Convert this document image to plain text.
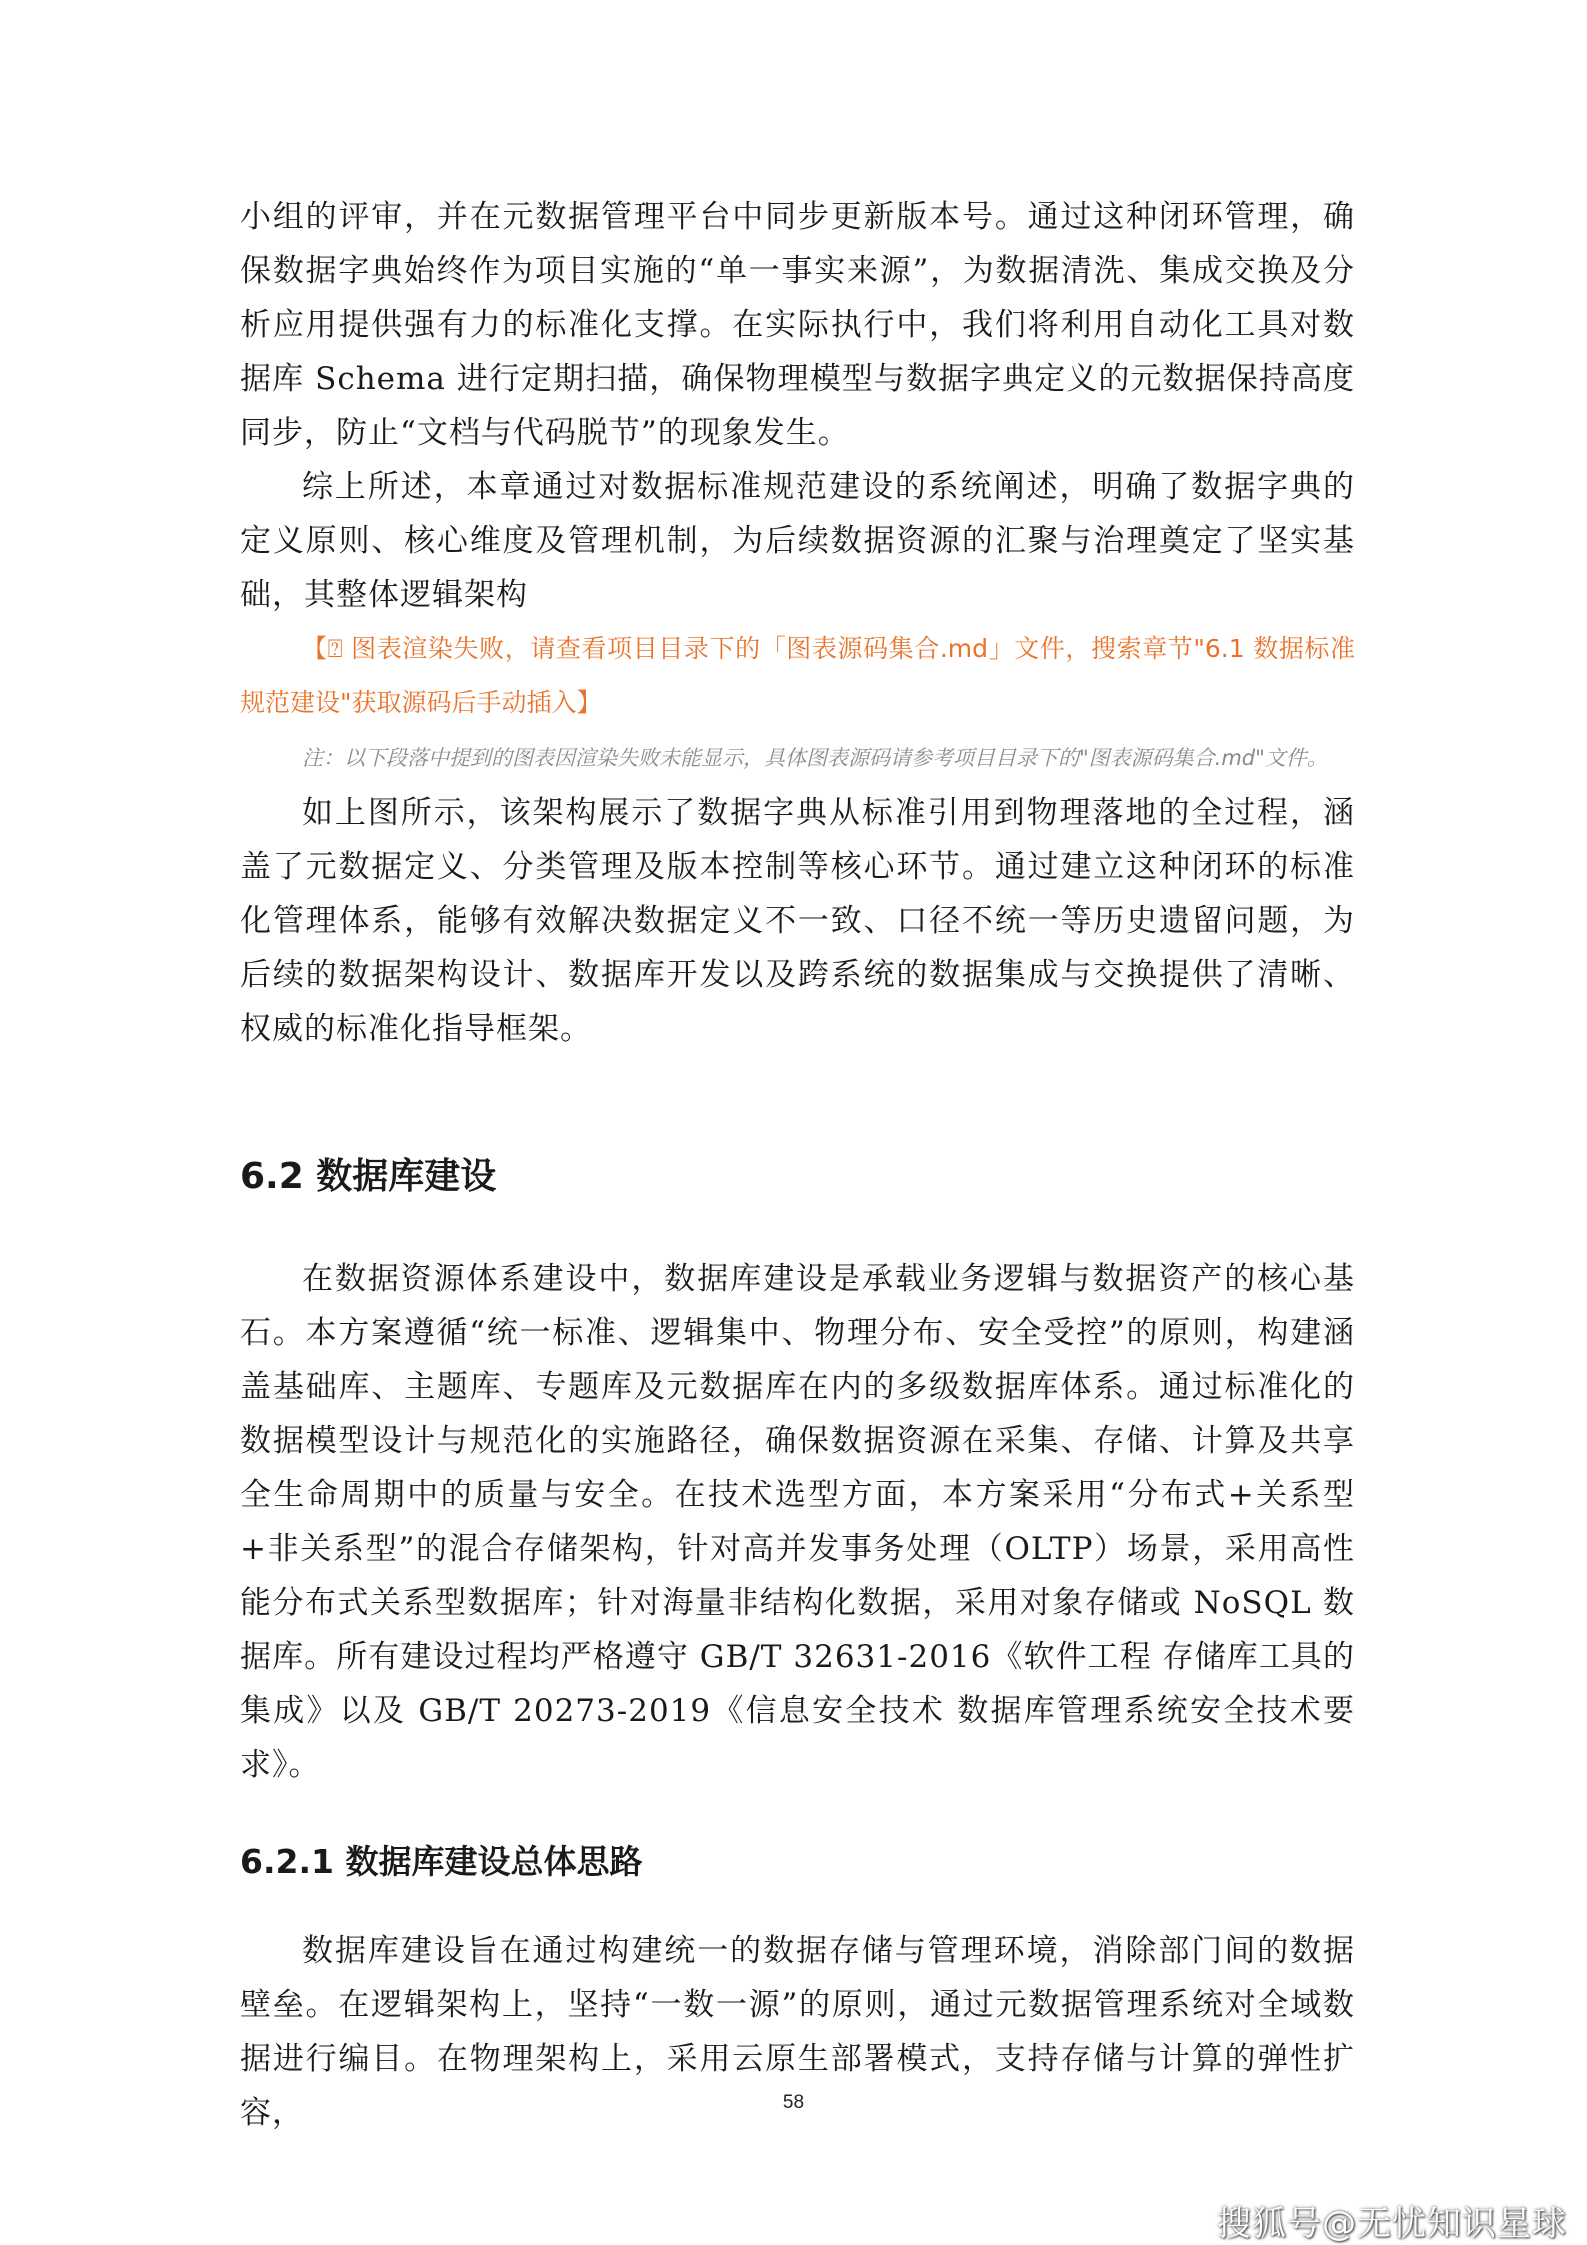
小组的评审，并在元数据管理平台中同步更新版本号。通过这种闭环管理，确保数据字典始终作为项目实施的“单一事实来源”，为数据清洗、集成交换及分析应用提供强有力的标准化支撑。在实际执行中，我们将利用自动化工具对数据库 Schema 进行定期扫描，确保物理模型与数据字典定义的元数据保持高度同步，防止“文档与代码脱节”的现象发生。

综上所述，本章通过对数据标准规范建设的系统阐述，明确了数据字典的定义原则、核心维度及管理机制，为后续数据资源的汇聚与治理奠定了坚实基础，其整体逻辑架构

【⍰ 图表渲染失败，请查看项目目录下的「图表源码集合.md」文件，搜索章节"6.1 数据标准规范建设"获取源码后手动插入】

注：以下段落中提到的图表因渲染失败未能显示，具体图表源码请参考项目目录下的"图表源码集合.md"文件。

如上图所示，该架构展示了数据字典从标准引用到物理落地的全过程，涵盖了元数据定义、分类管理及版本控制等核心环节。通过建立这种闭环的标准化管理体系，能够有效解决数据定义不一致、口径不统一等历史遗留问题，为后续的数据架构设计、数据库开发以及跨系统的数据集成与交换提供了清晰、权威的标准化指导框架。

6.2 数据库建设

在数据资源体系建设中，数据库建设是承载业务逻辑与数据资产的核心基石。本方案遵循“统一标准、逻辑集中、物理分布、安全受控”的原则，构建涵盖基础库、主题库、专题库及元数据库在内的多级数据库体系。通过标准化的数据模型设计与规范化的实施路径，确保数据资源在采集、存储、计算及共享全生命周期中的质量与安全。在技术选型方面，本方案采用“分布式+关系型+非关系型”的混合存储架构，针对高并发事务处理（OLTP）场景，采用高性能分布式关系型数据库；针对海量非结构化数据，采用对象存储或 NoSQL 数据库。所有建设过程均严格遵守 GB/T 32631-2016《软件工程 存储库工具的集成》以及 GB/T 20273-2019《信息安全技术 数据库管理系统安全技术要求》。

6.2.1 数据库建设总体思路

数据库建设旨在通过构建统一的数据存储与管理环境，消除部门间的数据壁垒。在逻辑架构上，坚持“一数一源”的原则，通过元数据管理系统对全域数据进行编目。在物理架构上，采用云原生部署模式，支持存储与计算的弹性扩容，	58
搜狐号@无忧知识星球
